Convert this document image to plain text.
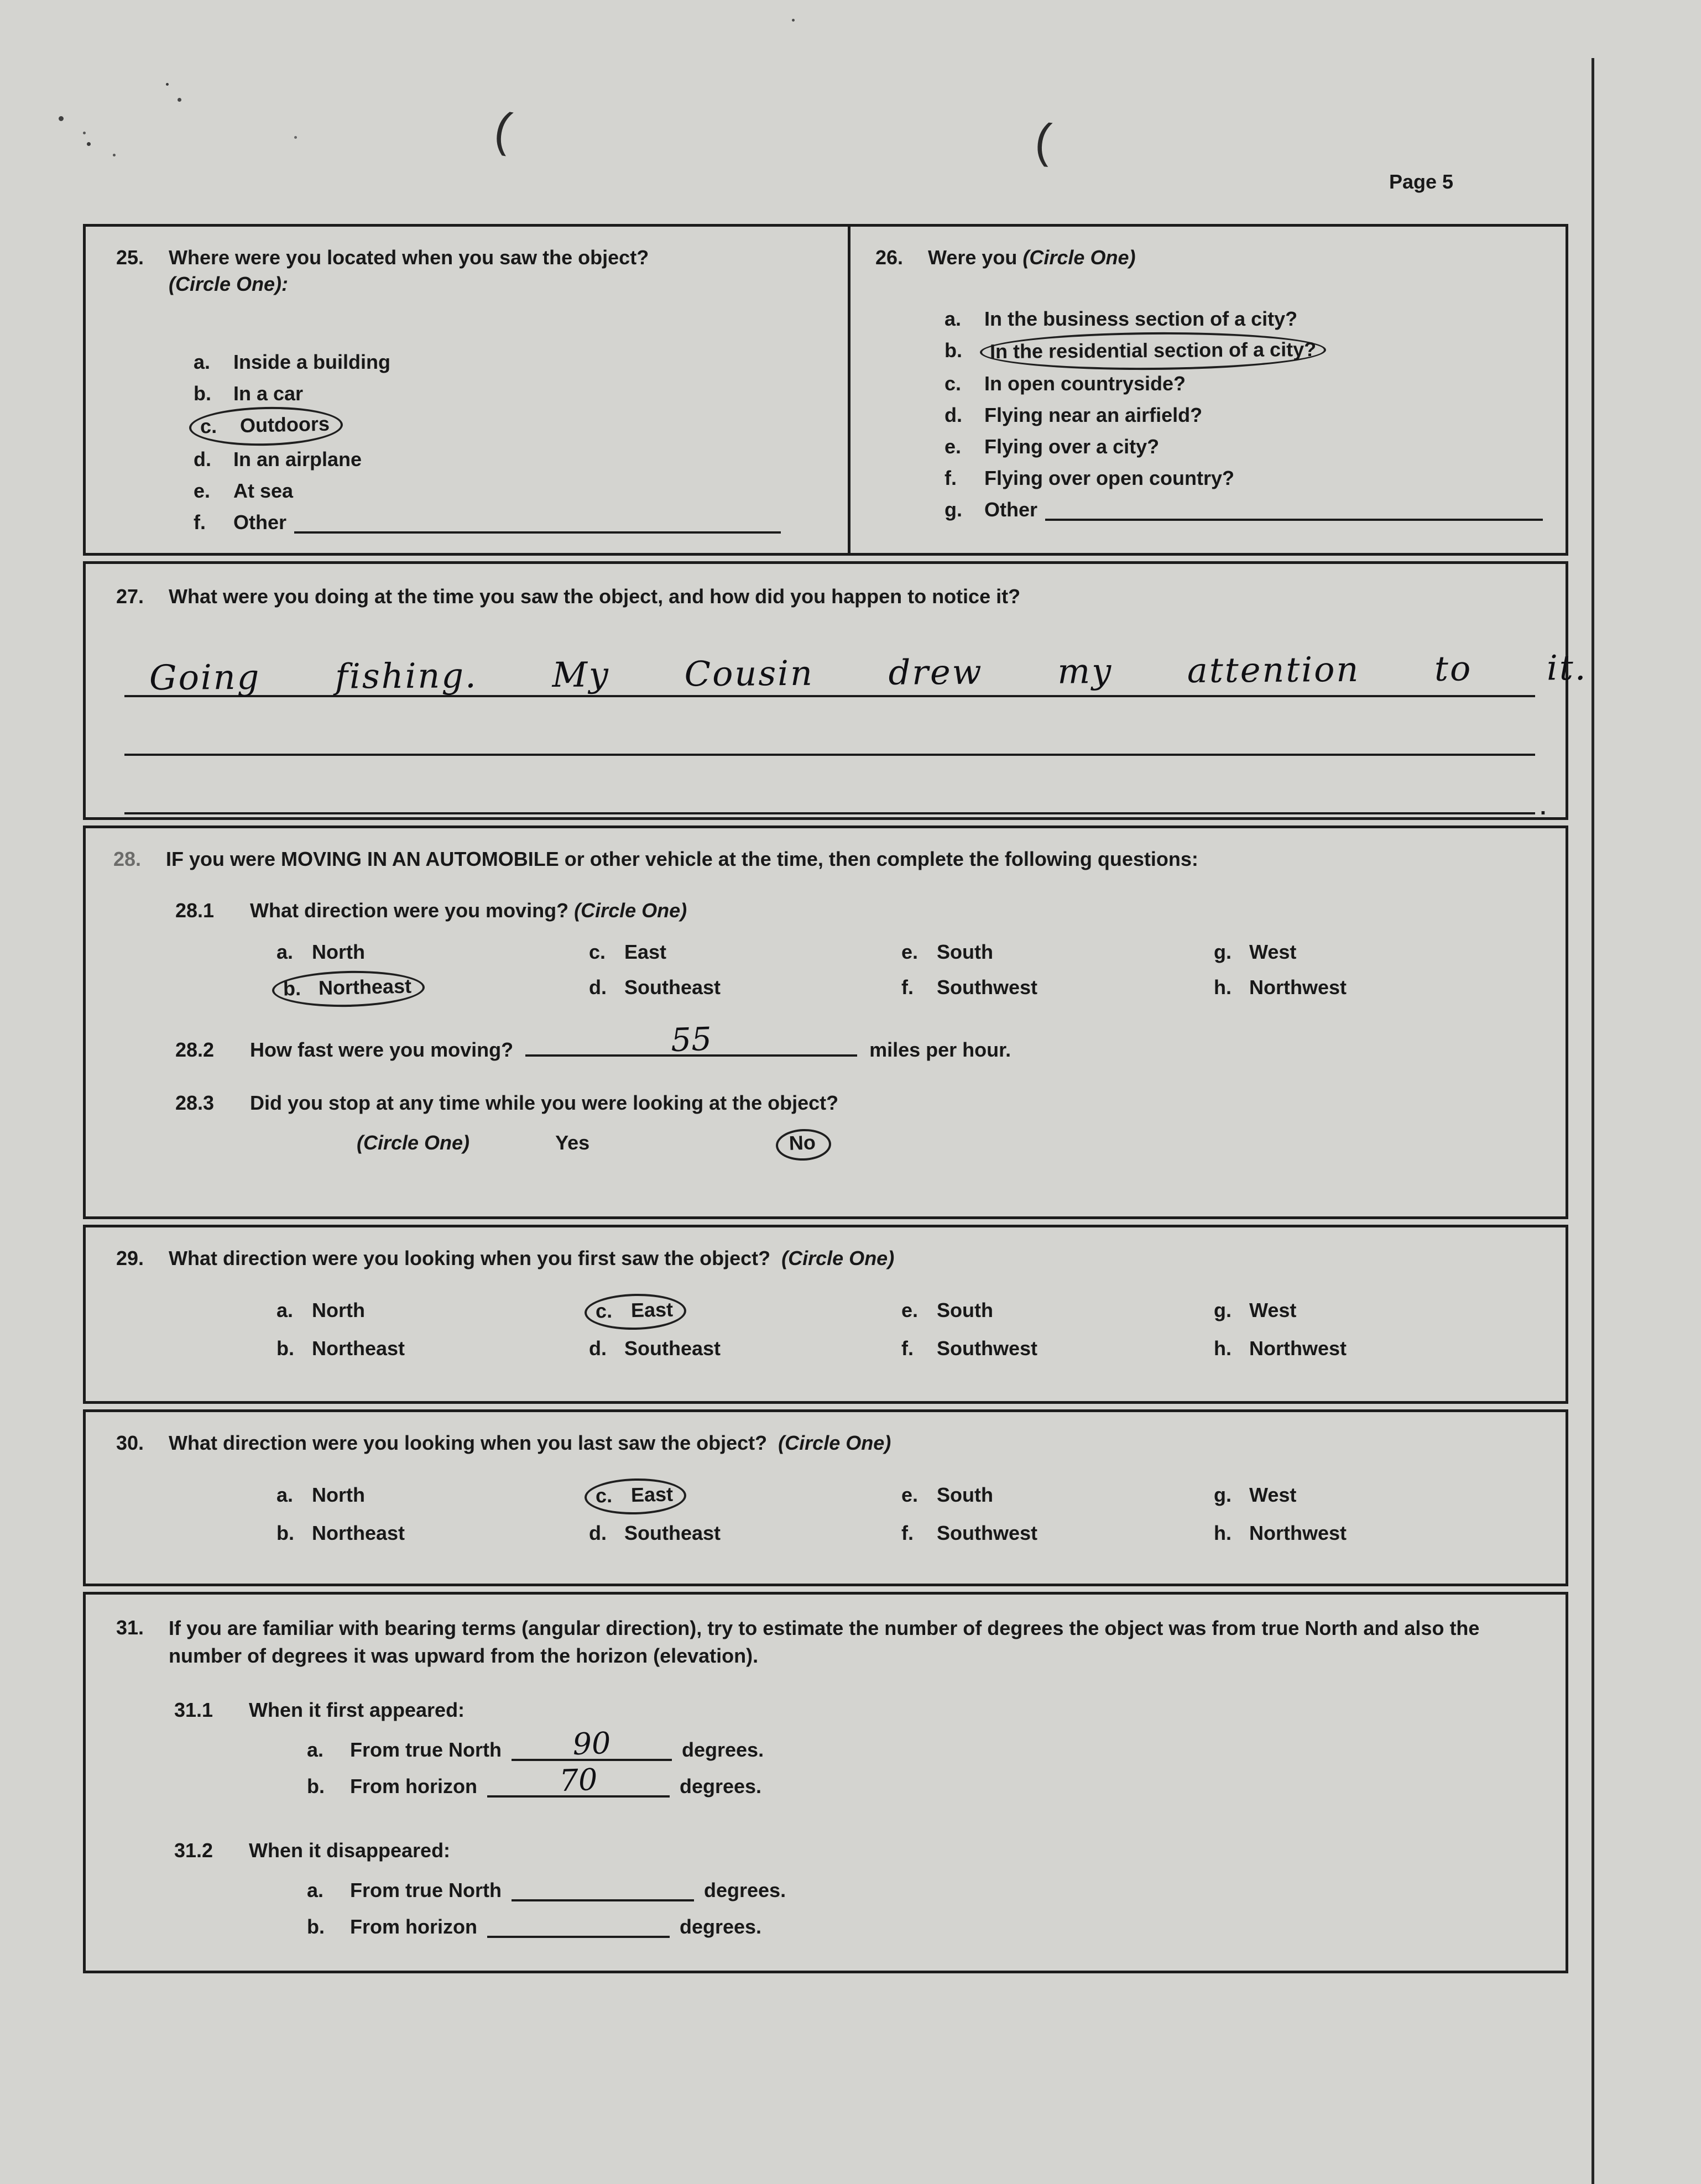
(	(
Page 5
25.	Where were you located when you saw the object?
(Circle One):
a. Inside a building
b. In a car
c. Outdoors
d. In an airplane
e. At sea
f. Other
26.	Were you (Circle One)
a. In the business section of a city?
b. In the residential section of a city?
c. In open countryside?
d. Flying near an airfield?
e. Flying over a city?
f. Flying over open country?
g. Other
27.	What were you doing at the time you saw the object, and how did you happen to notice it?
Going fishing. My Cousin drew my attention to it.
.
28.	IF you were MOVING IN AN AUTOMOBILE or other vehicle at the time, then complete the following questions:
28.1	What direction were you moving? (Circle One)
a. North	c. East	e. South	g. West
b. Northeast	d. Southeast	f. Southwest	h. Northwest
28.2	How fast were you moving?	55	miles per hour.
28.3	Did you stop at any time while you were looking at the object?
(Circle One)	Yes	No
29.	What direction were you looking when you first saw the object? (Circle One)
a. North	c. East	e. South	g. West
b. Northeast	d. Southeast	f. Southwest	h. Northwest
30.	What direction were you looking when you last saw the object? (Circle One)
a. North	c. East	e. South	g. West
b. Northeast	d. Southeast	f. Southwest	h. Northwest
31.	If you are familiar with bearing terms (angular direction), try to estimate the number of degrees the object was from true North and also the number of degrees it was upward from the horizon (elevation).
31.1	When it first appeared:
a. From true North 90	degrees.
b. From horizon	70	degrees.
31.2	When it disappeared:
a. From true North	degrees.
b. From horizon	degrees.
